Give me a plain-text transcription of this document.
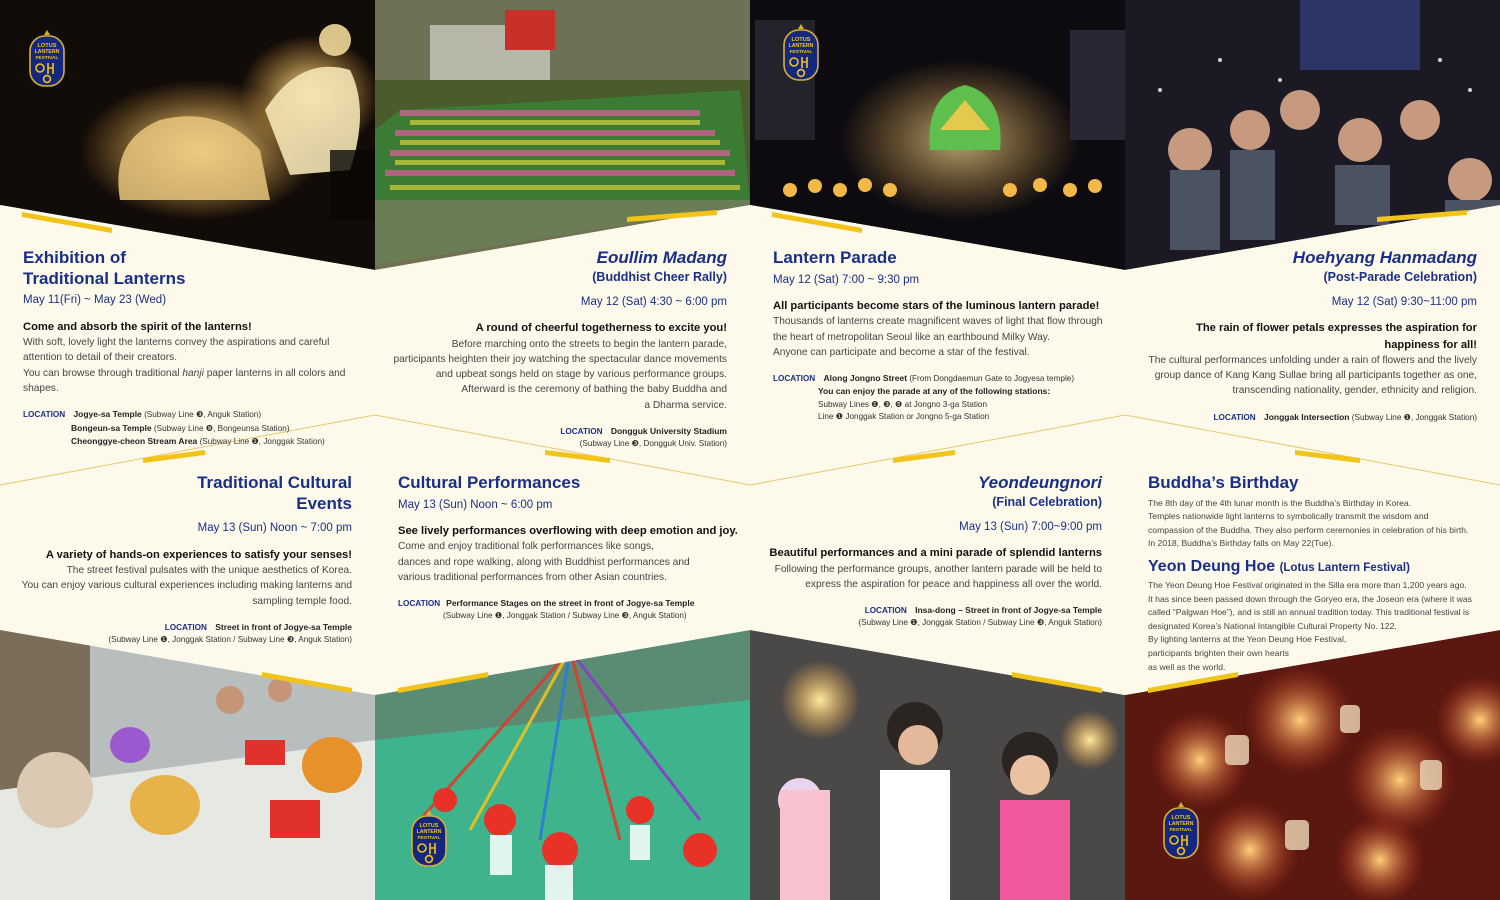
LOTUS
LANTERN
FESTIVAL
LOTUS
LANTERN
FESTIVAL
LOTUS
LANTERN
FESTIVAL
LOTUS
LANTERN
FESTIVAL
Exhibition of
Traditional Lanterns
May 11(Fri) ~ May 23 (Wed)
Come and absorb the spirit of the lanterns!
With soft, lovely light the lanterns convey the aspirations and careful
attention to detail of their creators.
You can browse through traditional hanji paper lanterns in all colors and
shapes.
LOCATION Jogye-sa Temple (Subway Line ❸, Anguk Station)
Bongeun-sa Temple (Subway Line ❾, Bongeunsa Station)
Cheonggye-cheon Stream Area (Subway Line ❶, Jonggak Station)
Eoullim Madang
(Buddhist Cheer Rally)
May 12 (Sat) 4:30 ~ 6:00 pm
A round of cheerful togetherness to excite you!
Before marching onto the streets to begin the lantern parade,
participants heighten their joy watching the spectacular dance movements
and upbeat songs held on stage by various performance groups.
Afterward is the ceremony of bathing the baby Buddha and
a Dharma service.
LOCATION Dongguk University Stadium
(Subway Line ❸, Dongguk Univ. Station)
Lantern Parade
May 12 (Sat) 7:00 ~ 9:30 pm
All participants become stars of the luminous lantern parade!
Thousands of lanterns create magnificent waves of light that flow through
the heart of metropolitan Seoul like an earthbound Milky Way.
Anyone can participate and become a star of the festival.
LOCATION Along Jongno Street (From Dongdaemun Gate to Jogyesa temple)
You can enjoy the parade at any of the following stations:
Subway Lines ❶, ❸, ❺ at Jongno 3-ga Station
Line ❶ Jonggak Station or Jongno 5-ga Station
Hoehyang Hanmadang
(Post-Parade Celebration)
May 12 (Sat) 9:30~11:00 pm
The rain of flower petals expresses the aspiration for
happiness for all!
The cultural performances unfolding under a rain of flowers and the lively
group dance of Kang Kang Sullae bring all participants together as one,
transcending nationality, gender, ethnicity and religion.
LOCATION Jonggak Intersection (Subway Line ❶, Jonggak Station)
Traditional Cultural
Events
May 13 (Sun) Noon ~ 7:00 pm
A variety of hands-on experiences to satisfy your senses!
The street festival pulsates with the unique aesthetics of Korea.
You can enjoy various cultural experiences including making lanterns and
sampling temple food.
LOCATION Street in front of Jogye-sa Temple
(Subway Line ❶, Jonggak Station / Subway Line ❸, Anguk Station)
Cultural Performances
May 13 (Sun) Noon ~ 6:00 pm
See lively performances overflowing with deep emotion and joy.
Come and enjoy traditional folk performances like songs,
dances and rope walking, along with Buddhist performances and
various traditional performances from other Asian countries.
LOCATION Performance Stages on the street in front of Jogye-sa Temple
(Subway Line ❶, Jonggak Station / Subway Line ❸, Anguk Station)
Yeondeungnori
(Final Celebration)
May 13 (Sun) 7:00~9:00 pm
Beautiful performances and a mini parade of splendid lanterns
Following the performance groups, another lantern parade will be held to
express the aspiration for peace and happiness all over the world.
LOCATION Insa-dong – Street in front of Jogye-sa Temple
(Subway Line ❶, Jonggak Station / Subway Line ❸, Anguk Station)
Buddha’s Birthday
The 8th day of the 4th lunar month is the Buddha’s Birthday in Korea.
Temples nationwide light lanterns to symbolically transmit the wisdom and
compassion of the Buddha. They also perform ceremonies in celebration of his birth.
In 2018, Buddha’s Birthday falls on May 22(Tue).
Yeon Deung Hoe (Lotus Lantern Festival)
The Yeon Deung Hoe Festival originated in the Silla era more than 1,200 years ago.
It has since been passed down through the Goryeo era, the Joseon era (where it was
called “Palgwan Hoe”), and is still an annual tradition today. This traditional festival is
designated Korea’s National Intangible Cultural Property No. 122.
By lighting lanterns at the Yeon Deung Hoe Festival,
participants brighten their own hearts
as well as the world.
